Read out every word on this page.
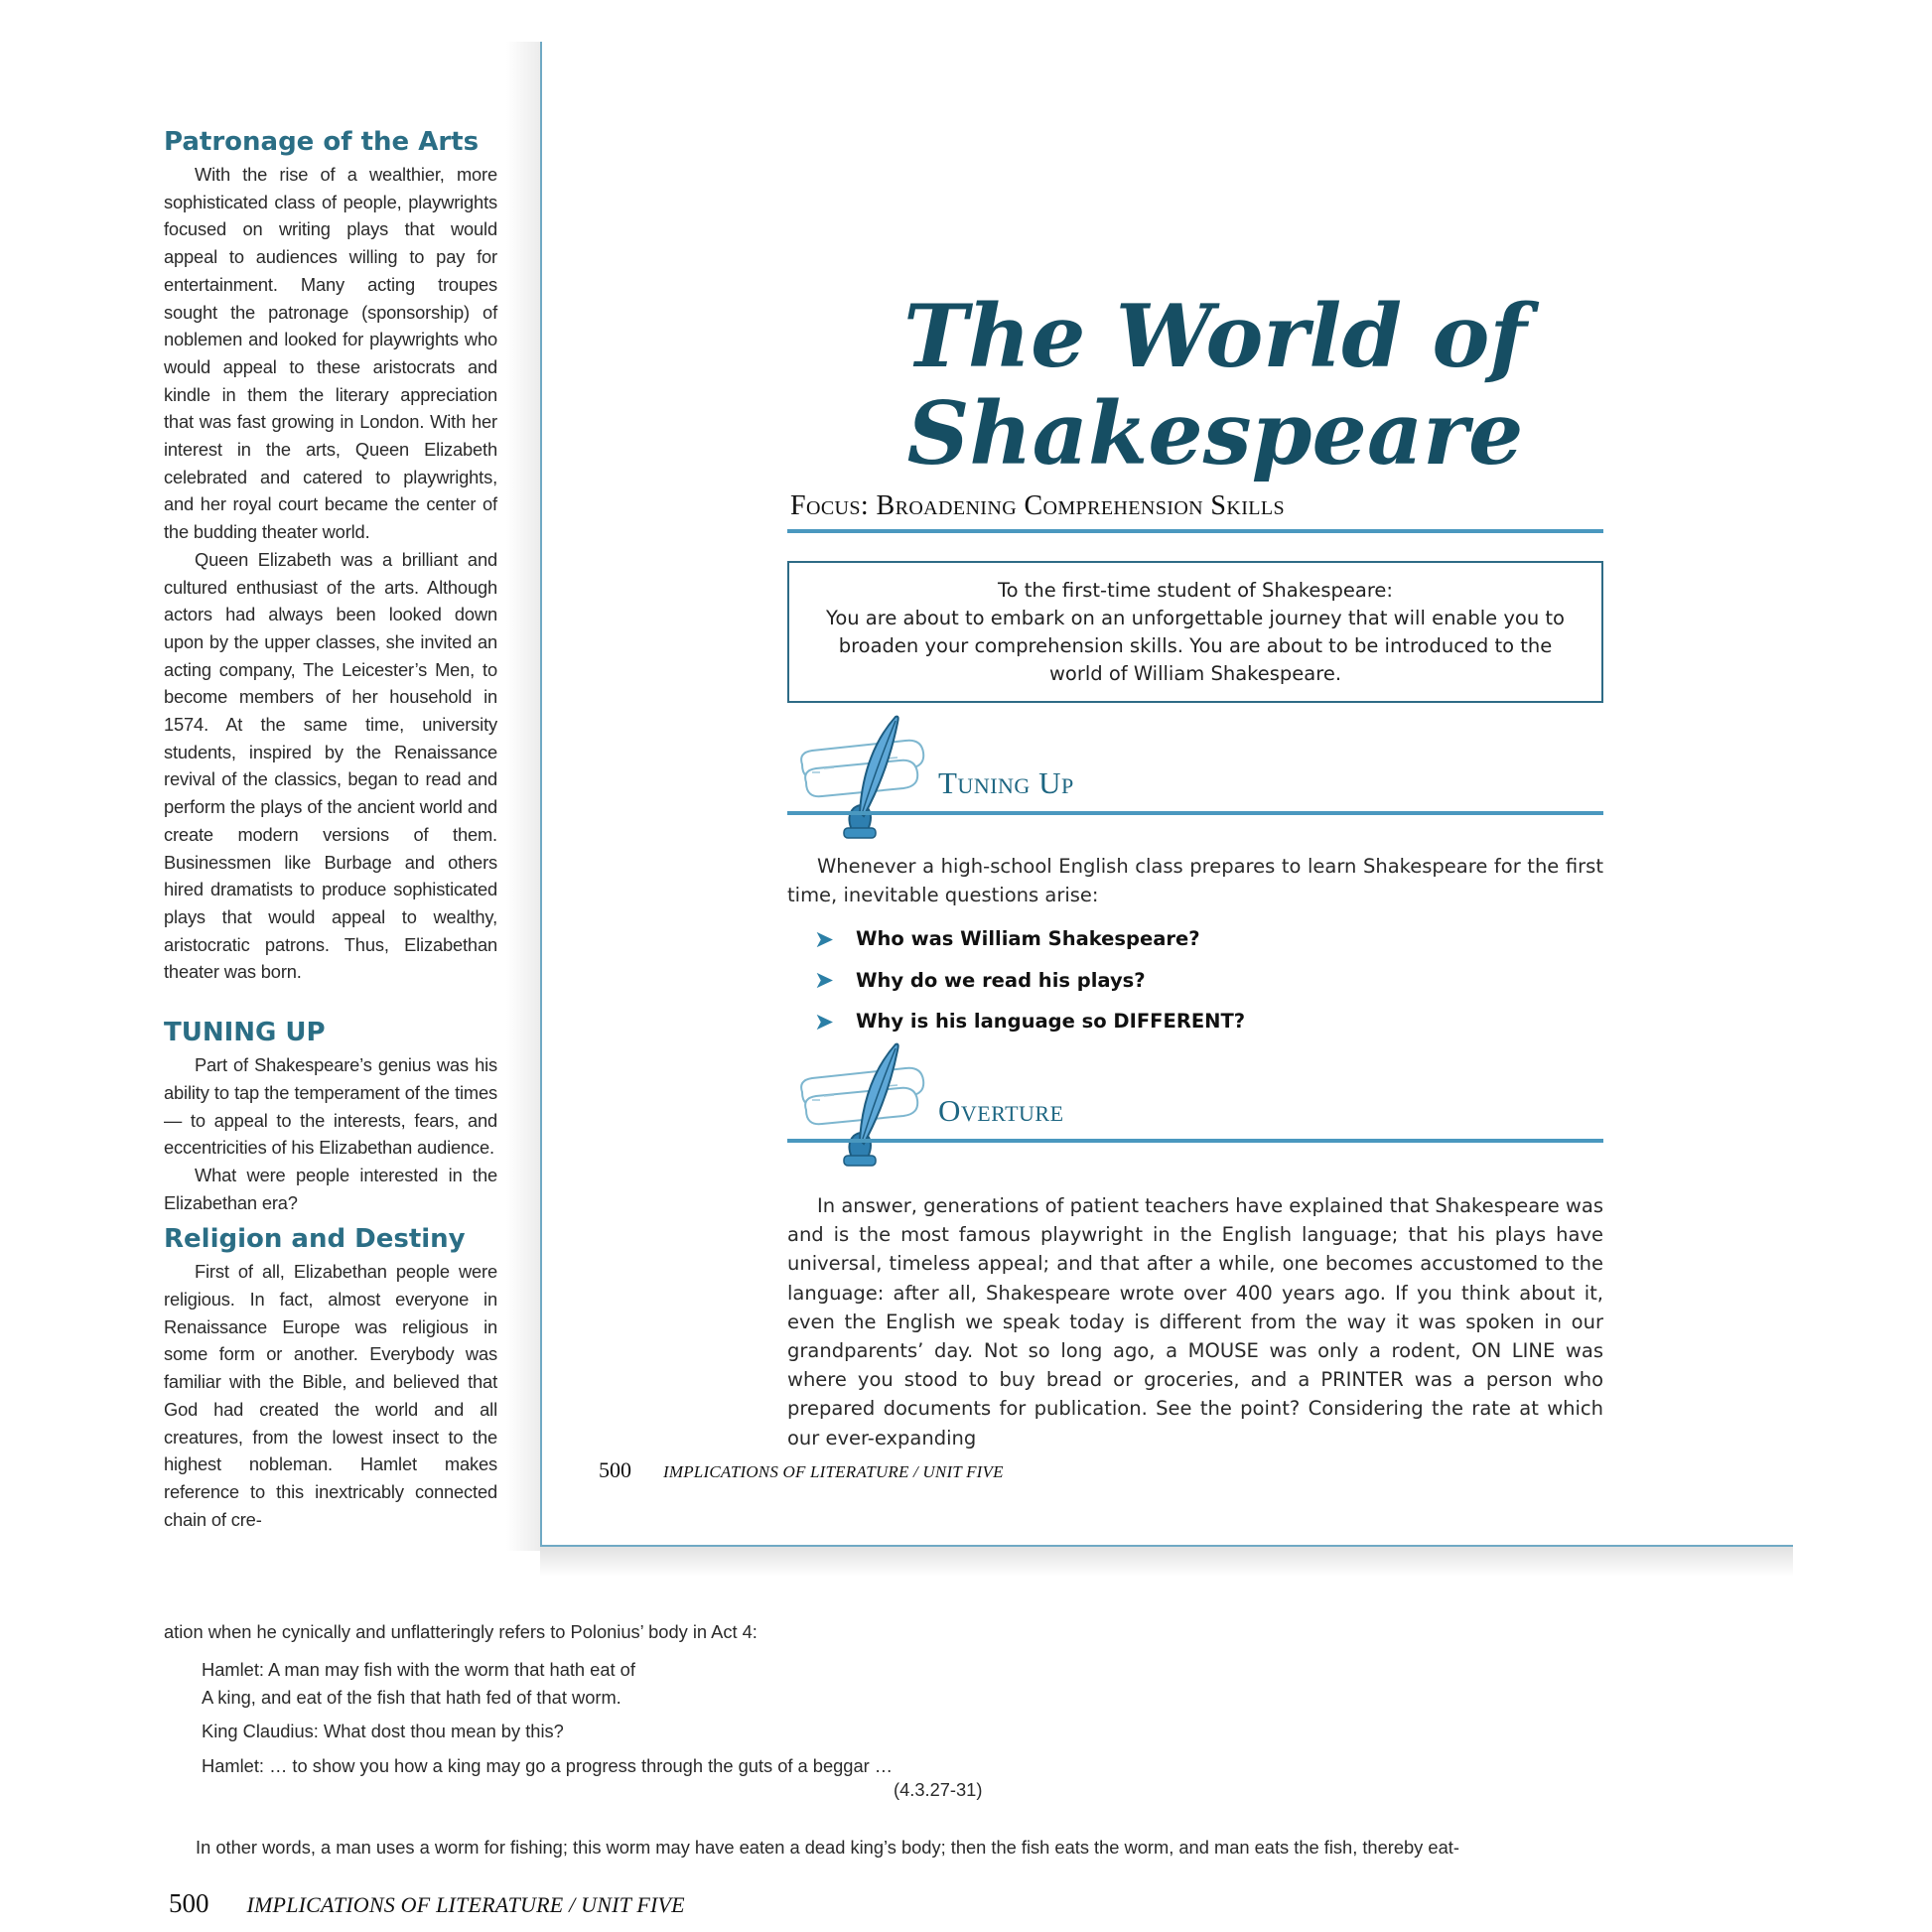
Patronage of the Arts

With the rise of a wealthier, more sophisticated class of people, playwrights focused on writing plays that would appeal to audiences willing to pay for entertainment. Many acting troupes sought the patronage (sponsorship) of noblemen and looked for playwrights who would appeal to these aristocrats and kindle in them the literary appreciation that was fast growing in London. With her interest in the arts, Queen Elizabeth celebrated and catered to playwrights, and her royal court became the center of the budding theater world.

Queen Elizabeth was a brilliant and cultured enthusiast of the arts. Although actors had always been looked down upon by the upper classes, she invited an acting company, The Leicester’s Men, to become members of her household in 1574. At the same time, university students, inspired by the Renaissance revival of the classics, began to read and perform the plays of the ancient world and create modern versions of them. Businessmen like Burbage and others hired dramatists to produce sophisticated plays that would appeal to wealthy, aristocratic patrons. Thus, Elizabethan theater was born.

TUNING UP

Part of Shakespeare’s genius was his ability to tap the temperament of the times — to appeal to the interests, fears, and eccentricities of his Elizabethan audience.

What were people interested in the Elizabethan era?

Religion and Destiny

First of all, Elizabethan people were religious. In fact, almost everyone in Renaissance Europe was religious in some form or another. Everybody was familiar with the Bible, and believed that God had created the world and all creatures, from the lowest insect to the highest nobleman. Hamlet makes reference to this inextricably connected chain of cre-

The World of
Shakespeare
Focus: Broadening Comprehension Skills
To the first-time student of Shakespeare:
You are about to embark on an unforgettable journey that will enable you to broaden your comprehension skills. You are about to be introduced to the world of William Shakespeare.
Tuning Up
Whenever a high-school English class prepares to learn Shakespeare for the first time, inevitable questions arise:
➤	Who was William Shakespeare?
➤	Why do we read his plays?
➤	Why is his language so DIFFERENT?
Overture
In answer, generations of patient teachers have explained that Shakespeare was and is the most famous playwright in the English language; that his plays have universal, timeless appeal; and that after a while, one becomes accustomed to the language: after all, Shakespeare wrote over 400 years ago. If you think about it, even the English we speak today is different from the way it was spoken in our grandparents’ day. Not so long ago, a MOUSE was only a rodent, ON LINE was where you stood to buy bread or groceries, and a PRINTER was a person who prepared documents for publication. See the point? Considering the rate at which our ever-expanding
500 IMPLICATIONS OF LITERATURE / UNIT FIVE
ation when he cynically and unflatteringly refers to Polonius’ body in Act 4:
Hamlet: A man may fish with the worm that hath eat of
A king, and eat of the fish that hath fed of that worm.
King Claudius: What dost thou mean by this?
Hamlet: … to show you how a king may go a progress through the guts of a beggar …
(4.3.27-31)
In other words, a man uses a worm for fishing; this worm may have eaten a dead king’s body; then the fish eats the worm, and man eats the fish, thereby eat-
500 IMPLICATIONS OF LITERATURE / UNIT FIVE
